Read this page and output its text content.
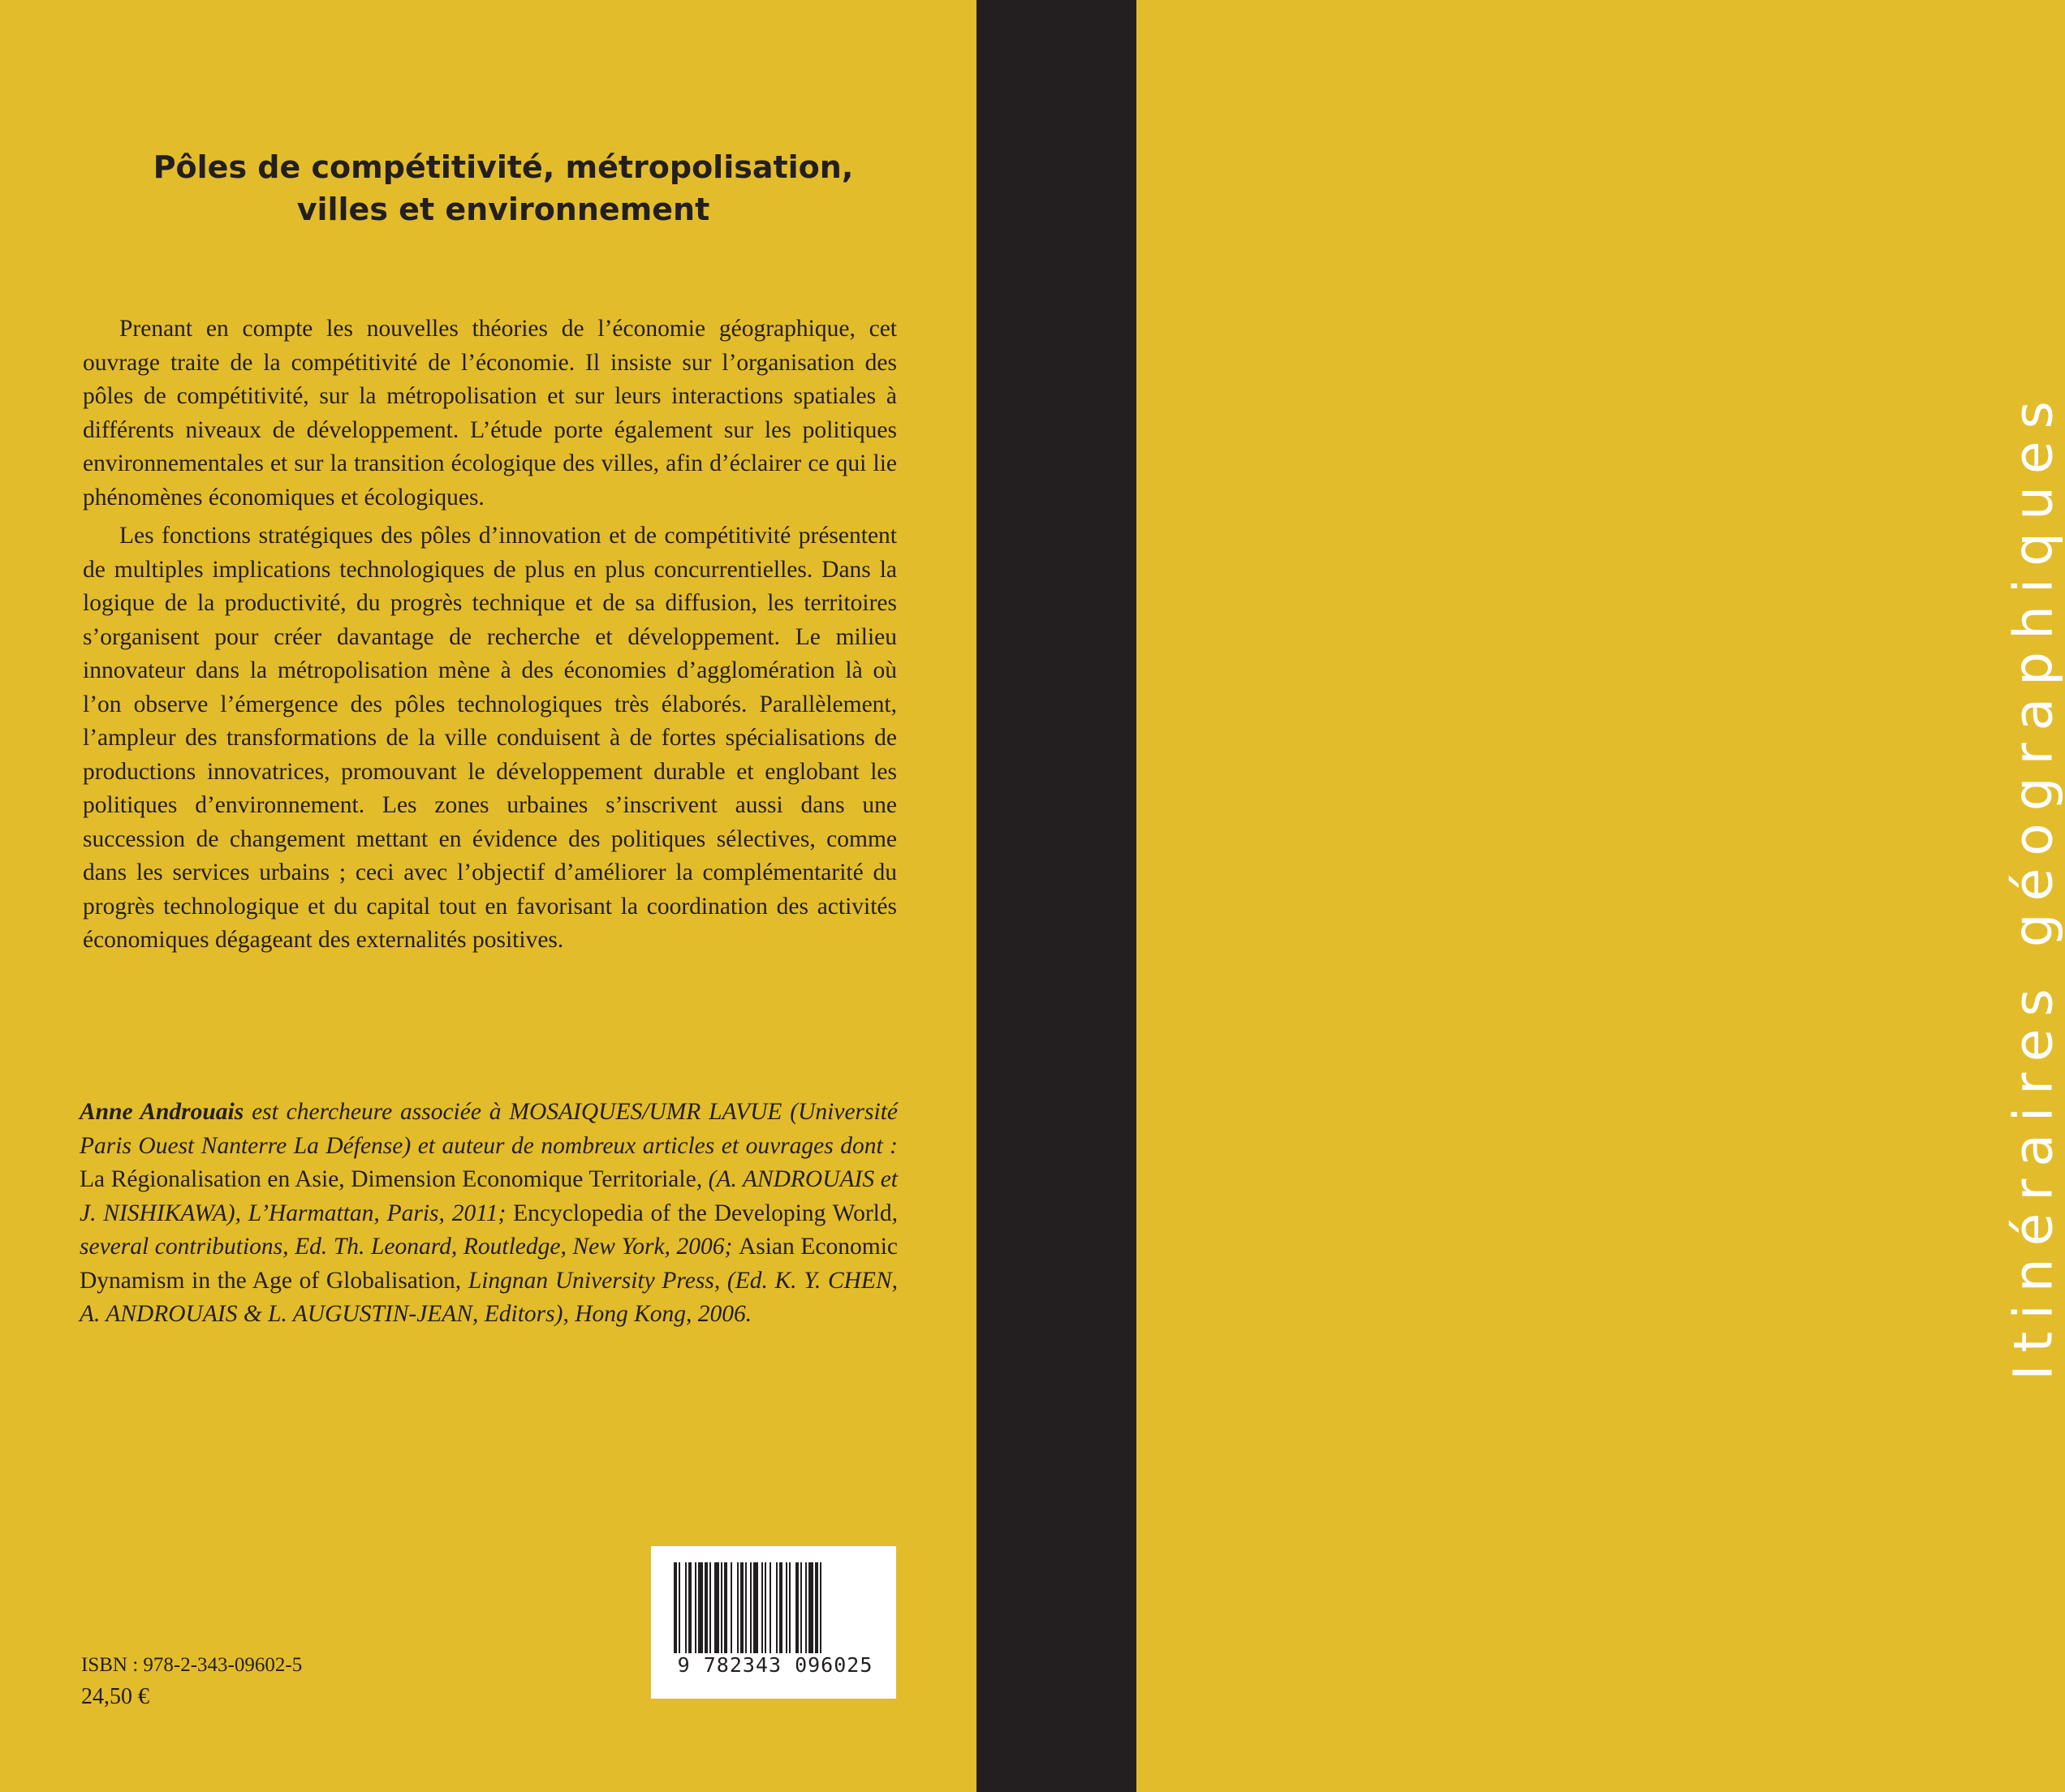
Pôles de compétitivité, métropolisation,
villes et environnement

Prenant en compte les nouvelles théories de l’économie géographique, cet ouvrage traite de la compétitivité de l’économie. Il insiste sur l’organisation des pôles de compétitivité, sur la métropolisation et sur leurs interactions spatiales à différents niveaux de développement. L’étude porte également sur les politiques environnementales et sur la transition écologique des villes, afin d’éclairer ce qui lie phénomènes économiques et écologiques.

Les fonctions stratégiques des pôles d’innovation et de compétitivité présentent de multiples implications technologiques de plus en plus concurrentielles. Dans la logique de la productivité, du progrès technique et de sa diffusion, les territoires s’organisent pour créer davantage de recherche et développement. Le milieu innovateur dans la métropolisation mène à des économies d’agglomération là où l’on observe l’émergence des pôles technologiques très élaborés. Parallèlement, l’ampleur des transformations de la ville conduisent à de fortes spécialisations de productions innovatrices, promouvant le développement durable et englobant les politiques d’environnement. Les zones urbaines s’inscrivent aussi dans une succession de changement mettant en évidence des politiques sélectives, comme dans les services urbains ; ceci avec l’objectif d’améliorer la complémentarité du progrès technologique et du capital tout en favorisant la coordination des activités économiques dégageant des externalités positives.

Anne Androuais est chercheure associée à MOSAIQUES/UMR LAVUE (Université Paris Ouest Nanterre La Défense) et auteur de nombreux articles et ouvrages dont : La Régionalisation en Asie, Dimension Economique Territoriale, (A. ANDROUAIS et J. NISHIKAWA), L’Harmattan, Paris, 2011; Encyclopedia of the Developing World, several contributions, Ed. Th. Leonard, Routledge, New York, 2006; Asian Economic Dynamism in the Age of Globalisation, Lingnan University Press, (Ed. K. Y. CHEN, A. ANDROUAIS & L. AUGUSTIN-JEAN, Editors), Hong Kong, 2006.

9 782343 096025
ISBN : 978-2-343-09602-5
24,50 €
Itinéraires géographiques
